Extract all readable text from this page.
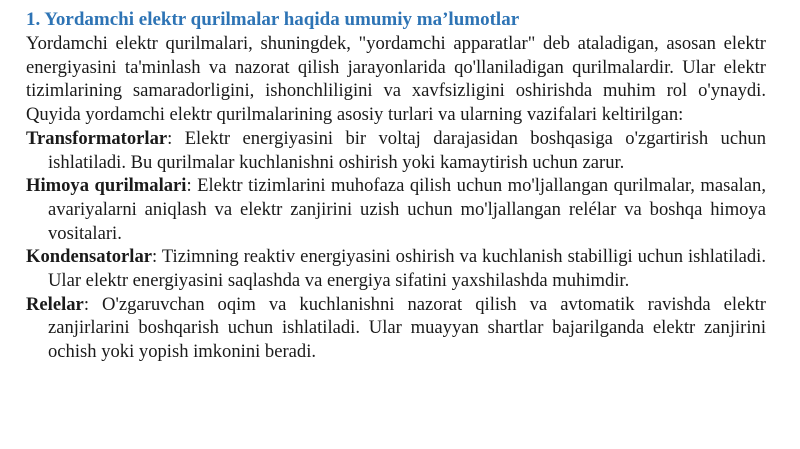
1. Yordamchi elektr qurilmalar haqida umumiy ma’lumotlar

Yordamchi elektr qurilmalari, shuningdek, "yordamchi apparatlar" deb ataladigan, asosan elektr energiyasini ta'minlash va nazorat qilish jarayonlarida qo'llaniladigan qurilmalardir. Ular elektr tizimlarining samaradorligini, ishonchliligini va xavfsizligini oshirishda muhim rol o'ynaydi. Quyida yordamchi elektr qurilmalarining asosiy turlari va ularning vazifalari keltirilgan:

Transformatorlar: Elektr energiyasini bir voltaj darajasidan boshqasiga o'zgartirish uchun ishlatiladi. Bu qurilmalar kuchlanishni oshirish yoki kamaytirish uchun zarur.

Himoya qurilmalari: Elektr tizimlarini muhofaza qilish uchun mo'ljallangan qurilmalar, masalan, avariyalarni aniqlash va elektr zanjirini uzish uchun mo'ljallangan relélar va boshqa himoya vositalari.

Kondensatorlar: Tizimning reaktiv energiyasini oshirish va kuchlanish stabilligi uchun ishlatiladi. Ular elektr energiyasini saqlashda va energiya sifatini yaxshilashda muhimdir.

Relelar: O'zgaruvchan oqim va kuchlanishni nazorat qilish va avtomatik ravishda elektr zanjirlarini boshqarish uchun ishlatiladi. Ular muayyan shartlar bajarilganda elektr zanjirini ochish yoki yopish imkonini beradi.
